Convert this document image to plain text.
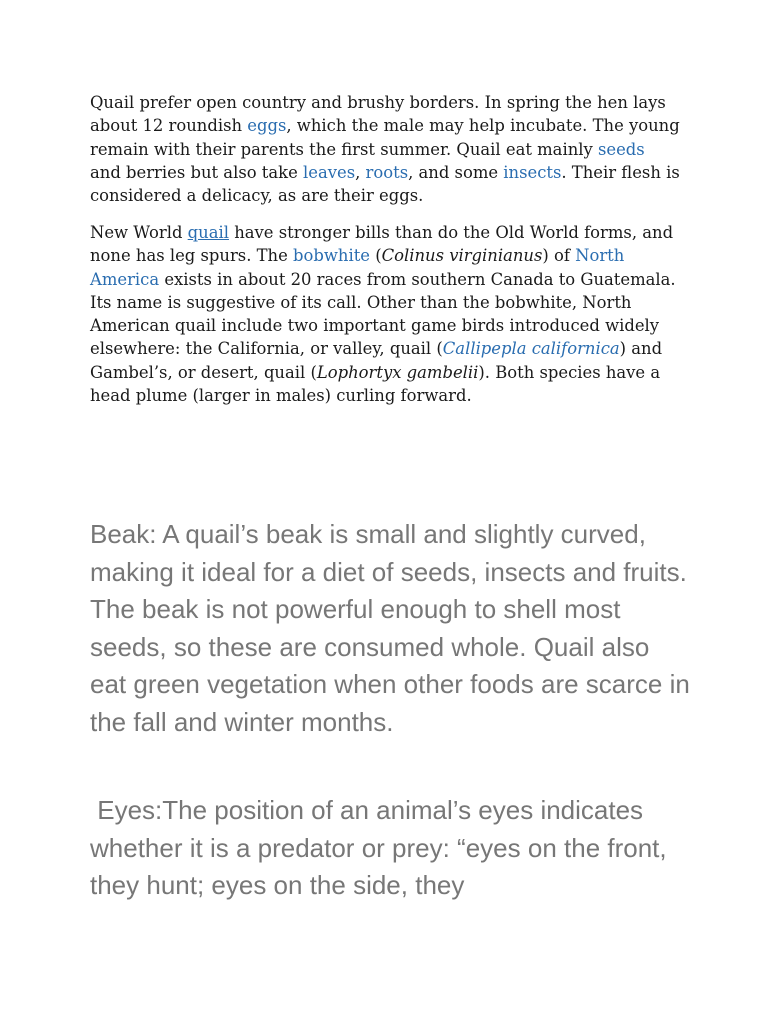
Quail prefer open country and brushy borders. In spring the hen lays about 12 roundish eggs, which the male may help incubate. The young remain with their parents the first summer. Quail eat mainly seeds and berries but also take leaves, roots, and some insects. Their flesh is considered a delicacy, as are their eggs.

New World quail have stronger bills than do the Old World forms, and none has leg spurs. The bobwhite (Colinus virginianus) of North America exists in about 20 races from southern Canada to Guatemala. Its name is suggestive of its call. Other than the bobwhite, North American quail include two important game birds introduced widely elsewhere: the California, or valley, quail (Callipepla californica) and Gambel’s, or desert, quail (Lophortyx gambelii). Both species have a head plume (larger in males) curling forward.

Beak: A quail’s beak is small and slightly curved, making it ideal for a diet of seeds, insects and fruits. The beak is not powerful enough to shell most seeds, so these are consumed whole. Quail also eat green vegetation when other foods are scarce in the fall and winter months.

Eyes:The position of an animal’s eyes indicates whether it is a predator or prey: “eyes on the front, they hunt; eyes on the side, they
